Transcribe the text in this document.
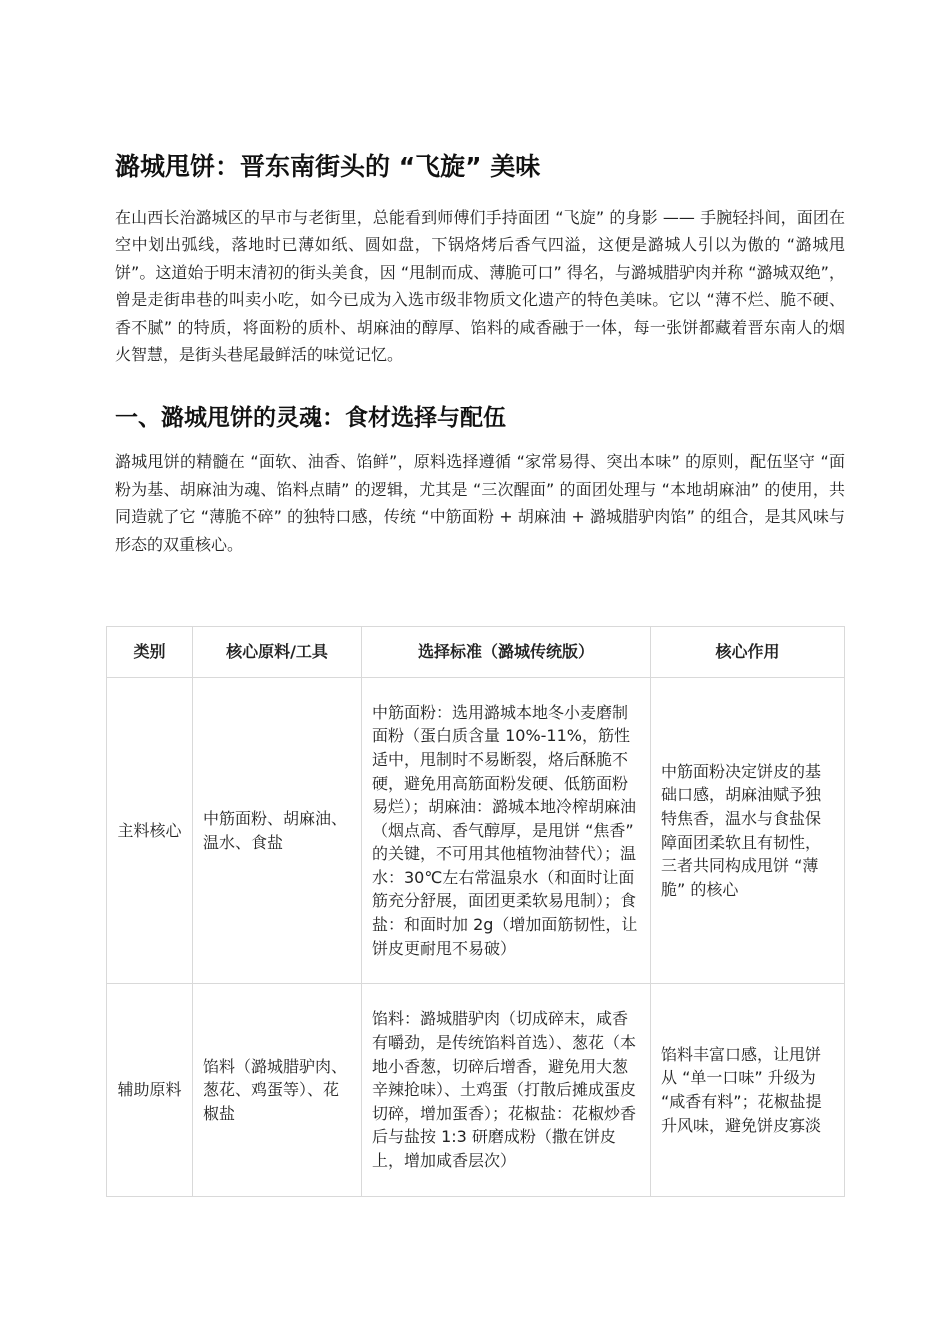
潞城甩饼：晋东南街头的 “飞旋” 美味

在山西长治潞城区的早市与老街里，总能看到师傅们手持面团 “飞旋” 的身影 —— 手腕轻抖间，面团在空中划出弧线，落地时已薄如纸、圆如盘，下锅烙烤后香气四溢，这便是潞城人引以为傲的 “潞城甩饼”。这道始于明末清初的街头美食，因 “甩制而成、薄脆可口” 得名，与潞城腊驴肉并称 “潞城双绝”，曾是走街串巷的叫卖小吃，如今已成为入选市级非物质文化遗产的特色美味。它以 “薄不烂、脆不硬、香不腻” 的特质，将面粉的质朴、胡麻油的醇厚、馅料的咸香融于一体，每一张饼都藏着晋东南人的烟火智慧，是街头巷尾最鲜活的味觉记忆。

一、潞城甩饼的灵魂：食材选择与配伍

潞城甩饼的精髓在 “面软、油香、馅鲜”，原料选择遵循 “家常易得、突出本味” 的原则，配伍坚守 “面粉为基、胡麻油为魂、馅料点睛” 的逻辑，尤其是 “三次醒面” 的面团处理与 “本地胡麻油” 的使用，共同造就了它 “薄脆不碎” 的独特口感，传统 “中筋面粉 + 胡麻油 + 潞城腊驴肉馅” 的组合，是其风味与形态的双重核心。

类别	核心原料/工具	选择标准（潞城传统版）	核心作用
主料核心	中筋面粉、胡麻油、温水、食盐	中筋面粉：选用潞城本地冬小麦磨制面粉（蛋白质含量 10%-11%，筋性适中，甩制时不易断裂，烙后酥脆不硬，避免用高筋面粉发硬、低筋面粉易烂）；胡麻油：潞城本地冷榨胡麻油（烟点高、香气醇厚，是甩饼 “焦香” 的关键，不可用其他植物油替代）；温水：30℃左右常温泉水（和面时让面筋充分舒展，面团更柔软易甩制）；食盐：和面时加 2g（增加面筋韧性，让饼皮更耐甩不易破）	中筋面粉决定饼皮的基础口感，胡麻油赋予独特焦香，温水与食盐保障面团柔软且有韧性，三者共同构成甩饼 “薄脆” 的核心
辅助原料	馅料（潞城腊驴肉、葱花、鸡蛋等）、花椒盐	馅料：潞城腊驴肉（切成碎末，咸香有嚼劲，是传统馅料首选）、葱花（本地小香葱，切碎后增香，避免用大葱辛辣抢味）、土鸡蛋（打散后摊成蛋皮切碎，增加蛋香）；花椒盐：花椒炒香后与盐按 1:3 研磨成粉（撒在饼皮上，增加咸香层次）	馅料丰富口感，让甩饼从 “单一口味” 升级为 “咸香有料”；花椒盐提升风味，避免饼皮寡淡
